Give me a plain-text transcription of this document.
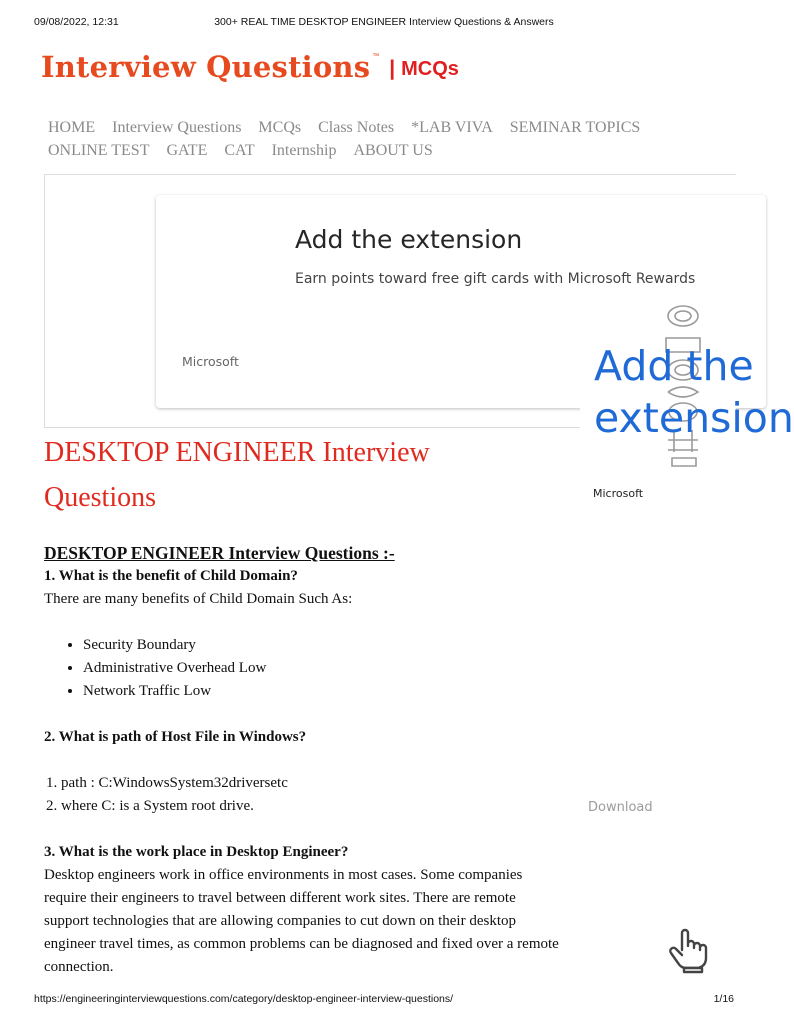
09/08/2022, 12:31	300+ REAL TIME DESKTOP ENGINEER Interview Questions & Answers
Interview Questions ™
| MCQs
HOME Interview Questions MCQs Class Notes *LAB VIVA SEMINAR TOPICS ONLINE TEST GATE CAT Internship ABOUT US
Add the extension
Earn points toward free gift cards with Microsoft Rewards
Microsoft	Add the
extension
Microsoft
DESKTOP ENGINEER Interview Questions

DESKTOP ENGINEER Interview Questions :-

1. What is the benefit of Child Domain?

There are many benefits of Child Domain Such As:

• Security Boundary
• Administrative Overhead Low
• Network Traffic Low

2. What is path of Host File in Windows?

1. path : C:WindowsSystem32driversetc
2. where C: is a System root drive.

3. What is the work place in Desktop Engineer?

Desktop engineers work in office environments in most cases. Some companies require their engineers to travel between different work sites. There are remote support technologies that are allowing companies to cut down on their desktop engineer travel times, as common problems can be diagnosed and fixed over a remote connection.

Download
https://engineeringinterviewquestions.com/category/desktop-engineer-interview-questions/	1/16
